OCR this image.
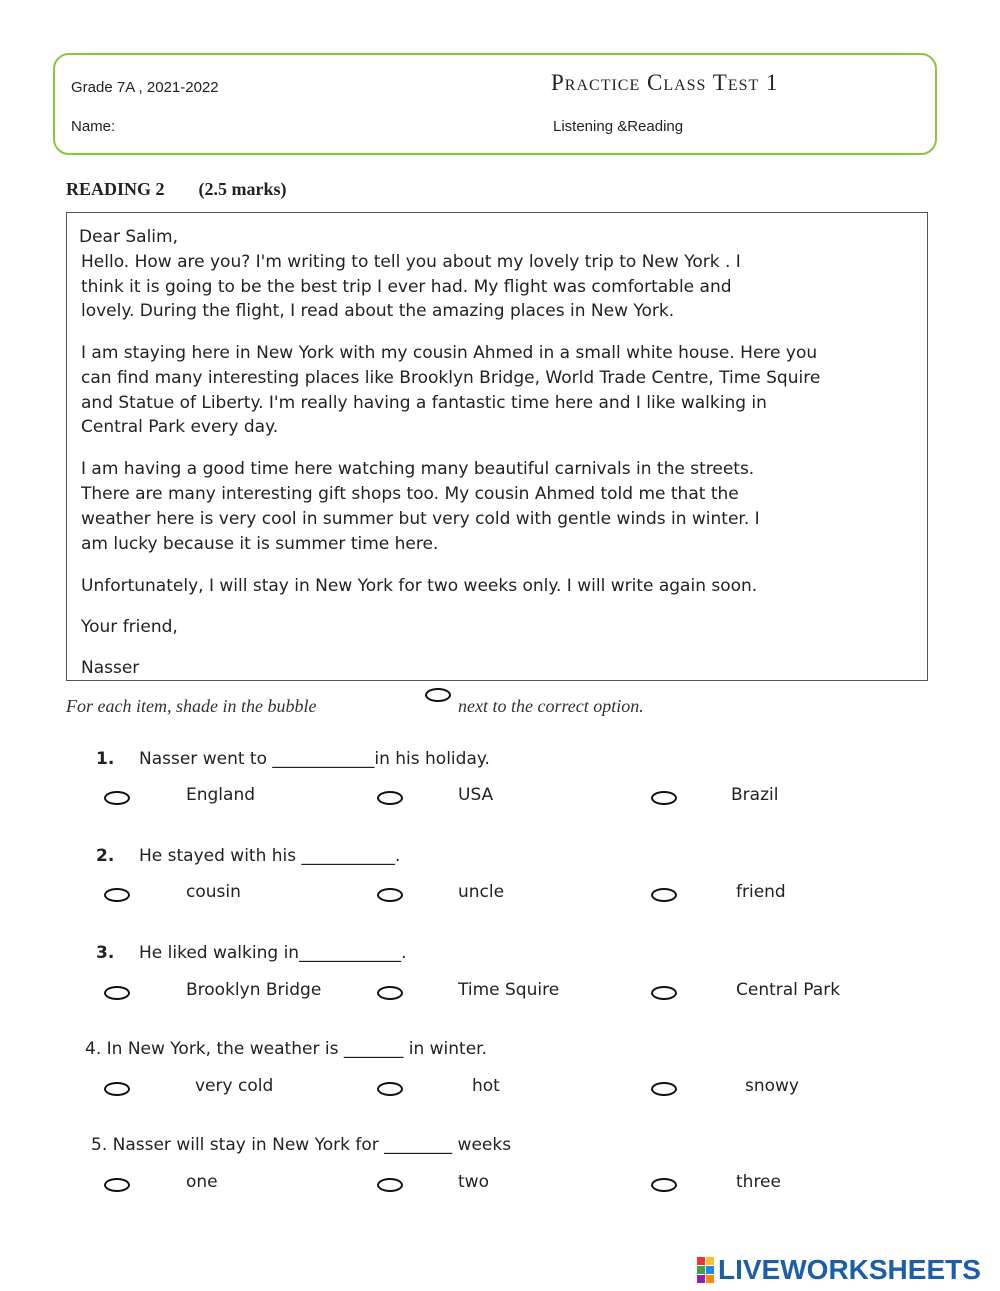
Grade 7A , 2021-2022
Name:
Practice Class Test 1
Listening &Reading
READING 2 (2.5 marks)
Dear Salim,
Hello. How are you? I'm writing to tell you about my lovely trip to New York . I
think it is going to be the best trip I ever had. My flight was comfortable and
lovely. During the flight, I read about the amazing places in New York.
I am staying here in New York with my cousin Ahmed in a small white house. Here you
can find many interesting places like Brooklyn Bridge, World Trade Centre, Time Squire
and Statue of Liberty. I'm really having a fantastic time here and I like walking in
Central Park every day.
I am having a good time here watching many beautiful carnivals in the streets.
There are many interesting gift shops too. My cousin Ahmed told me that the
weather here is very cool in summer but very cold with gentle winds in winter. I
am lucky because it is summer time here.
Unfortunately, I will stay in New York for two weeks only. I will write again soon.
Your friend,
Nasser
For each item, shade in the bubble	next to the correct option.
1. Nasser went to ____________in his holiday.
England	USA	Brazil
2. He stayed with his ___________.
cousin	uncle	friend
3. He liked walking in____________.
Brooklyn Bridge	Time Squire	Central Park
4. In New York, the weather is _______ in winter.
very cold	hot	snowy
5. Nasser will stay in New York for ________ weeks
one	two	three
LIVEWORKSHEETS
